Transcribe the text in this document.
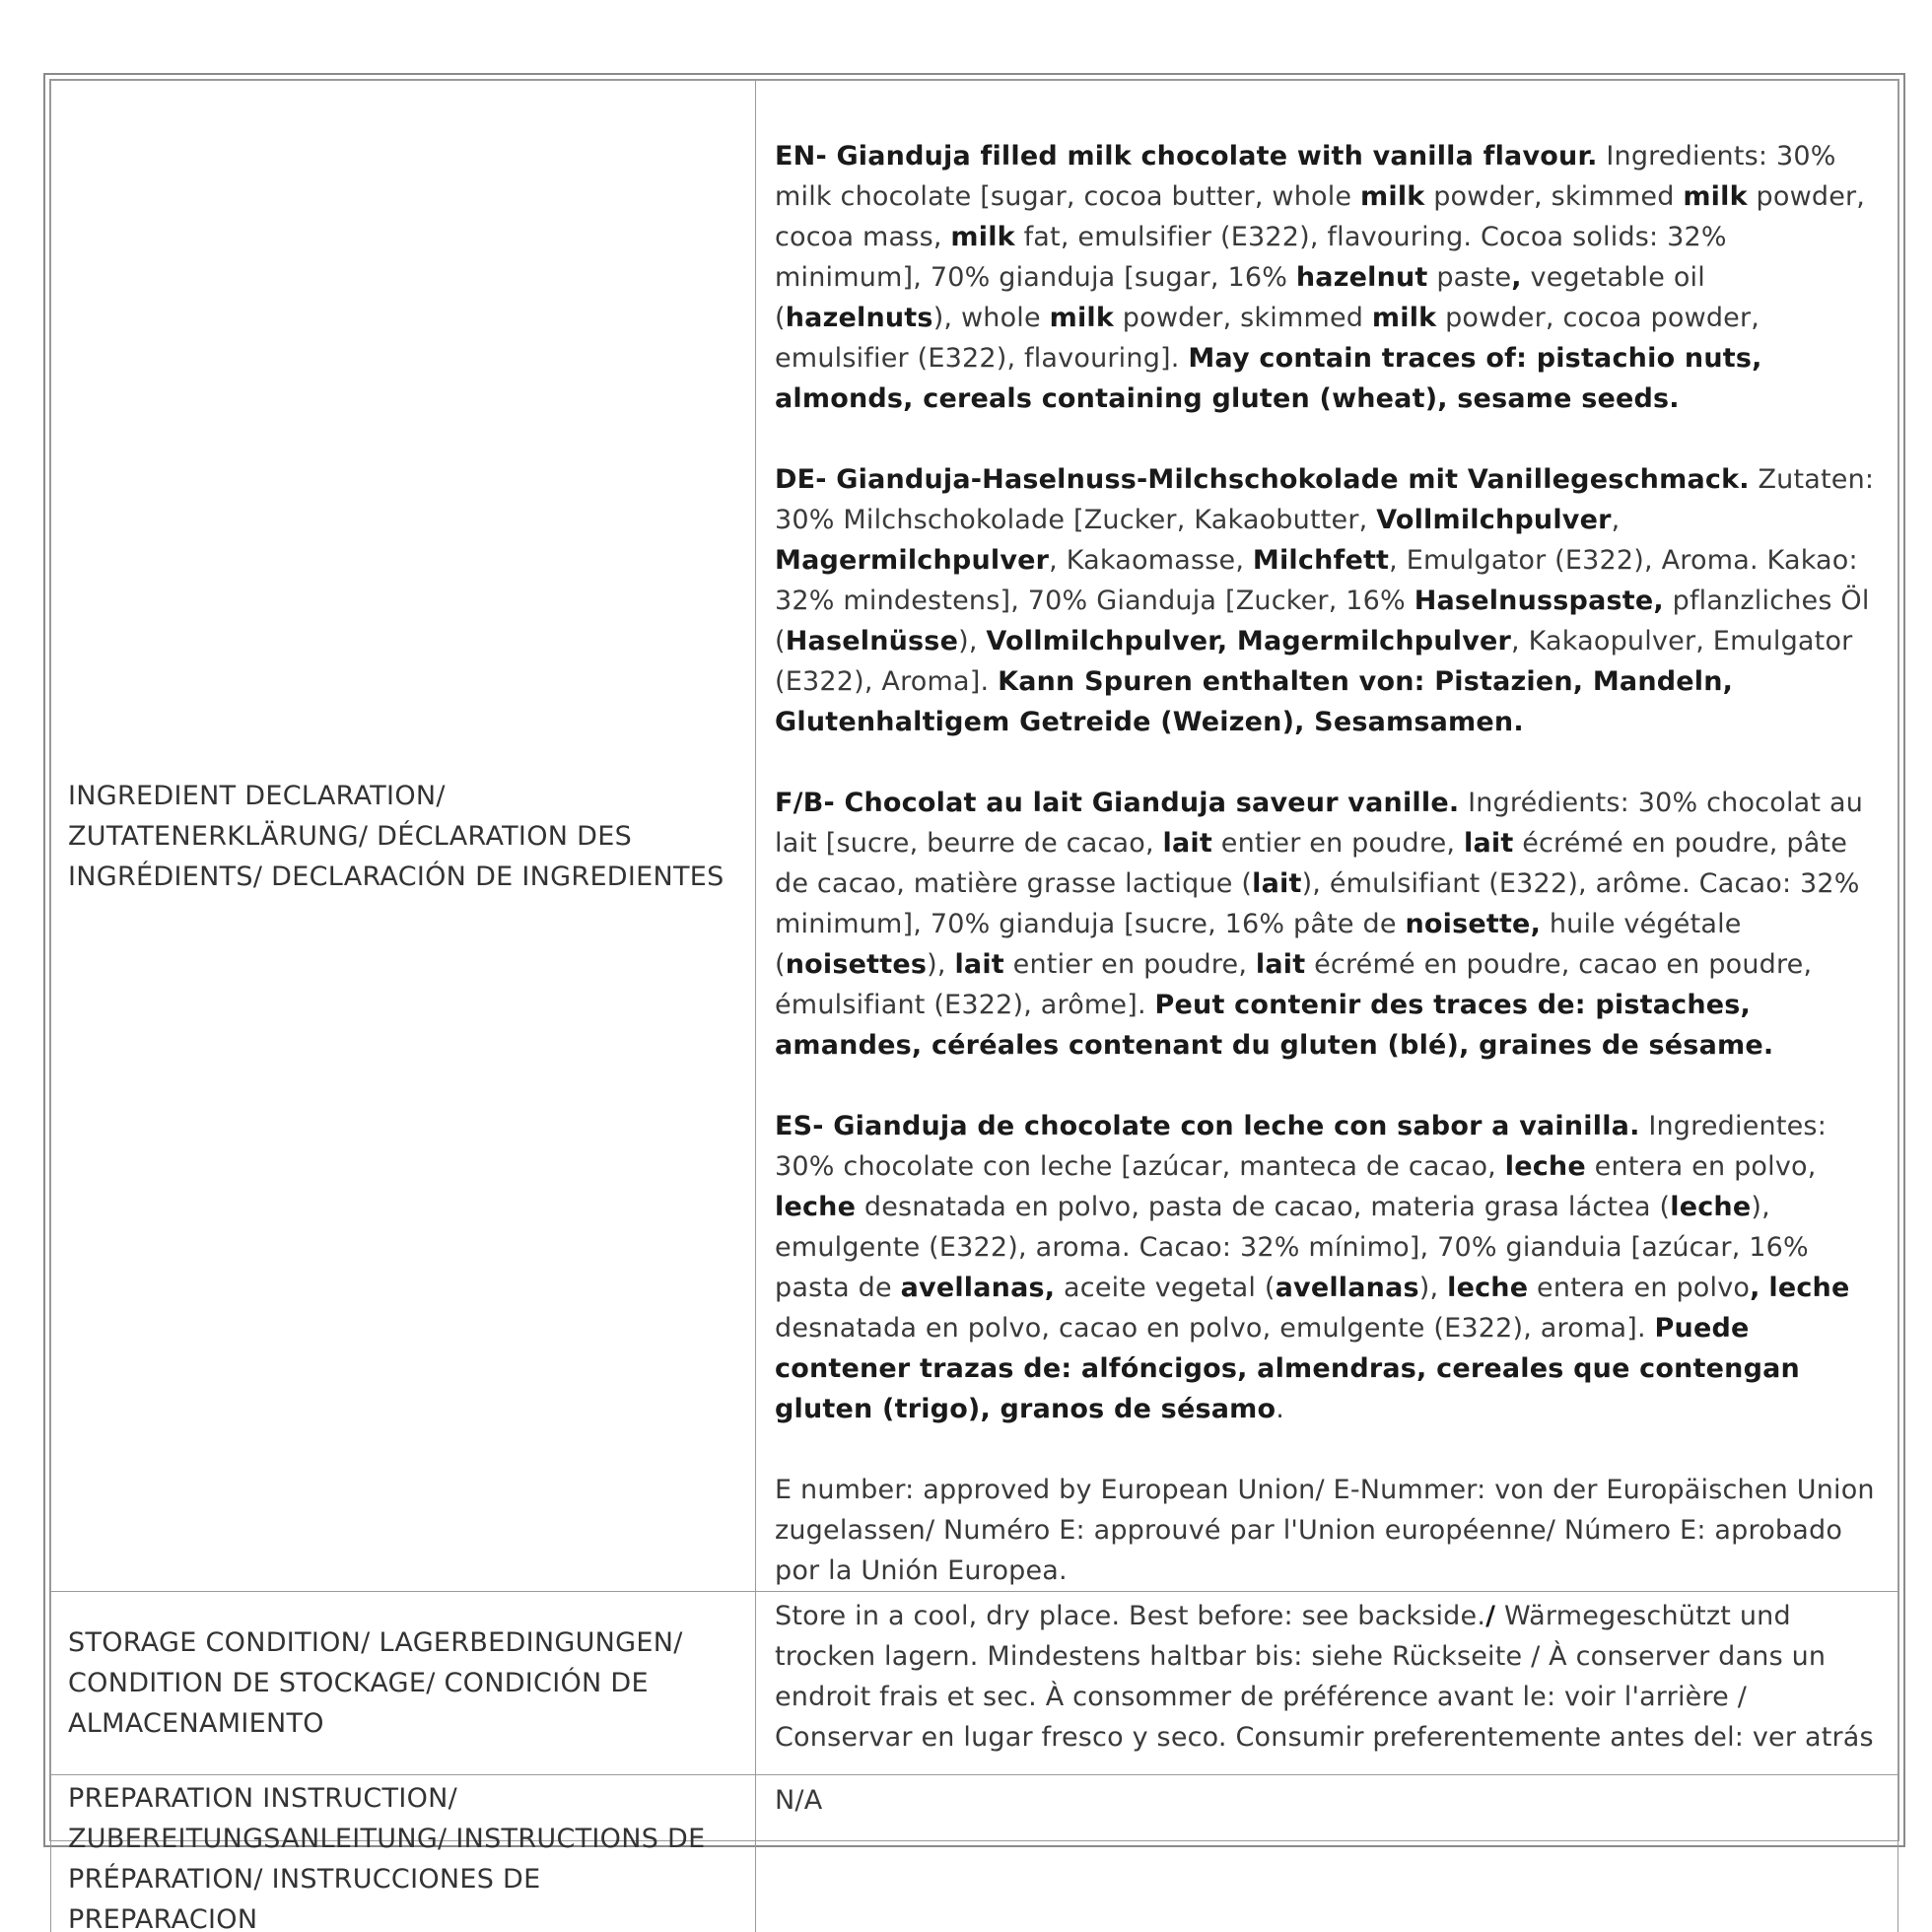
INGREDIENT DECLARATION/ ZUTATENERKLÄRUNG/ DÉCLARATION DES INGRÉDIENTS/ DECLARACIÓN DE INGREDIENTES	EN- Gianduja filled milk chocolate with vanilla flavour. Ingredients: 30% milk chocolate [sugar, cocoa butter, whole milk powder, skimmed milk powder, cocoa mass, milk fat, emulsifier (E322), flavouring. Cocoa solids: 32% minimum], 70% gianduja [sugar, 16% hazelnut paste, vegetable oil (hazelnuts), whole milk powder, skimmed milk powder, cocoa powder, emulsifier (E322), flavouring]. May contain traces of: pistachio nuts, almonds, cereals containing gluten (wheat), sesame seeds.

DE- Gianduja-Haselnuss-Milchschokolade mit Vanillegeschmack. Zutaten: 30% Milchschokolade [Zucker, Kakaobutter, Vollmilchpulver, Magermilchpulver, Kakaomasse, Milchfett, Emulgator (E322), Aroma. Kakao: 32% mindestens], 70% Gianduja [Zucker, 16% Haselnusspaste, pflanzliches Öl (Haselnüsse), Vollmilchpulver, Magermilchpulver, Kakaopulver, Emulgator (E322), Aroma]. Kann Spuren enthalten von: Pistazien, Mandeln, Glutenhaltigem Getreide (Weizen), Sesamsamen.

F/B- Chocolat au lait Gianduja saveur vanille. Ingrédients: 30% chocolat au lait [sucre, beurre de cacao, lait entier en poudre, lait écrémé en poudre, pâte de cacao, matière grasse lactique (lait), émulsifiant (E322), arôme. Cacao: 32% minimum], 70% gianduja [sucre, 16% pâte de noisette, huile végétale (noisettes), lait entier en poudre, lait écrémé en poudre, cacao en poudre, émulsifiant (E322), arôme]. Peut contenir des traces de: pistaches, amandes, céréales contenant du gluten (blé), graines de sésame.

ES- Gianduja de chocolate con leche con sabor a vainilla. Ingredientes: 30% chocolate con leche [azúcar, manteca de cacao, leche entera en polvo, leche desnatada en polvo, pasta de cacao, materia grasa láctea (leche), emulgente (E322), aroma. Cacao: 32% mínimo], 70% gianduia [azúcar, 16% pasta de avellanas, aceite vegetal (avellanas), leche entera en polvo, leche desnatada en polvo, cacao en polvo, emulgente (E322), aroma]. Puede contener trazas de: alfóncigos, almendras, cereales que contengan gluten (trigo), granos de sésamo.

E number: approved by European Union/ E-Nummer: von der Europäischen Union zugelassen/ Numéro E: approuvé par l'Union européenne/ Número E: aprobado por la Unión Europea.

STORAGE CONDITION/ LAGERBEDINGUNGEN/ CONDITION DE STOCKAGE/ CONDICIÓN DE ALMACENAMIENTO	Store in a cool, dry place. Best before: see backside./ Wärmegeschützt und trocken lagern. Mindestens haltbar bis: siehe Rückseite / À conserver dans un endroit frais et sec. À consommer de préférence avant le: voir l'arrière / Conservar en lugar fresco y seco. Consumir preferentemente antes del: ver atrás

PREPARATION INSTRUCTION/ ZUBEREITUNGSANLEITUNG/ INSTRUCTIONS DE PRÉPARATION/ INSTRUCCIONES DE PREPARACION	N/A
